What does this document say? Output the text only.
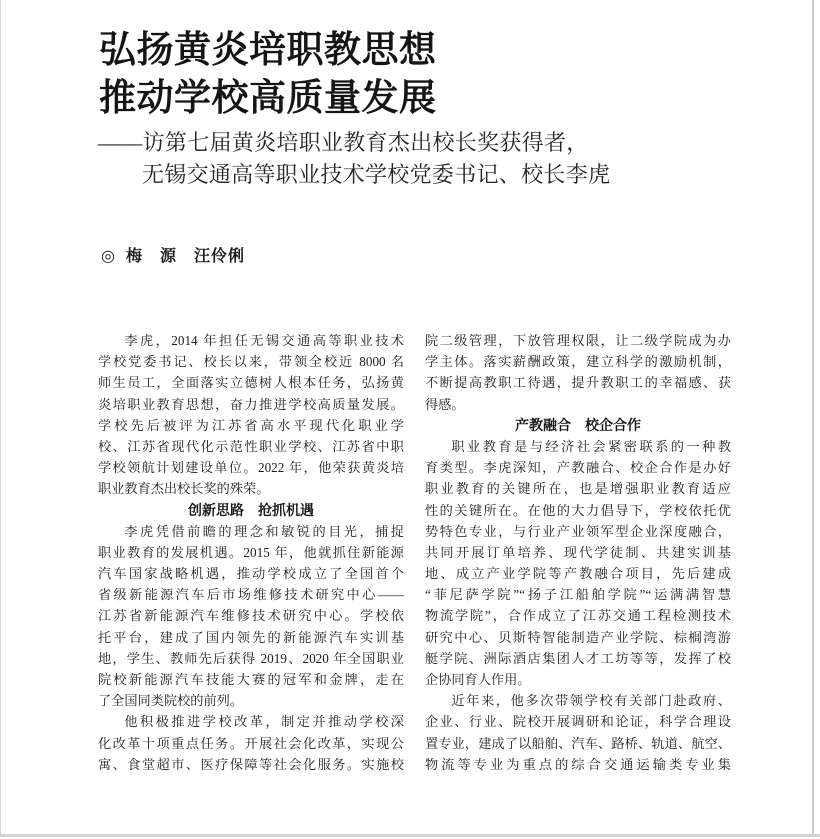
弘扬黄炎培职教思想
推动学校高质量发展
——访第七届黄炎培职业教育杰出校长奖获得者，
无锡交通高等职业技术学校党委书记、校长李虎
◎ 梅　源　汪伶俐
李虎，2014 年担任无锡交通高等职业技术
学校党委书记、校长以来，带领全校近 8000 名
师生员工，全面落实立德树人根本任务，弘扬黄
炎培职业教育思想，奋力推进学校高质量发展。
学校先后被评为江苏省高水平现代化职业学
校、江苏省现代化示范性职业学校、江苏省中职
学校领航计划建设单位。2022 年，他荣获黄炎培
职业教育杰出校长奖的殊荣。
创新思路　抢抓机遇
李虎凭借前瞻的理念和敏锐的目光，捕捉
职业教育的发展机遇。2015 年，他就抓住新能源
汽车国家战略机遇，推动学校成立了全国首个
省级新能源汽车后市场维修技术研究中心——
江苏省新能源汽车维修技术研究中心。学校依
托平台，建成了国内领先的新能源汽车实训基
地，学生、教师先后获得 2019、2020 年全国职业
院校新能源汽车技能大赛的冠军和金牌，走在
了全国同类院校的前列。
他积极推进学校改革，制定并推动学校深
化改革十项重点任务。开展社会化改革，实现公
寓、食堂超市、医疗保障等社会化服务。实施校
院二级管理，下放管理权限，让二级学院成为办
学主体。落实薪酬政策，建立科学的激励机制，
不断提高教职工待遇，提升教职工的幸福感、获
得感。
产教融合　校企合作
职业教育是与经济社会紧密联系的一种教
育类型。李虎深知，产教融合、校企合作是办好
职业教育的关键所在，也是增强职业教育适应
性的关键所在。在他的大力倡导下，学校依托优
势特色专业，与行业产业领军型企业深度融合，
共同开展订单培养、现代学徒制、共建实训基
地、成立产业学院等产教融合项目，先后建成
“菲尼萨学院”“扬子江船舶学院”“运满满智慧
物流学院”，合作成立了江苏交通工程检测技术
研究中心、贝斯特智能制造产业学院、棕榈湾游
艇学院、洲际酒店集团人才工坊等等，发挥了校
企协同育人作用。
近年来，他多次带领学校有关部门赴政府、
企业、行业、院校开展调研和论证，科学合理设
置专业，建成了以船舶、汽车、路桥、轨道、航空、
物流等专业为重点的综合交通运输类专业集
